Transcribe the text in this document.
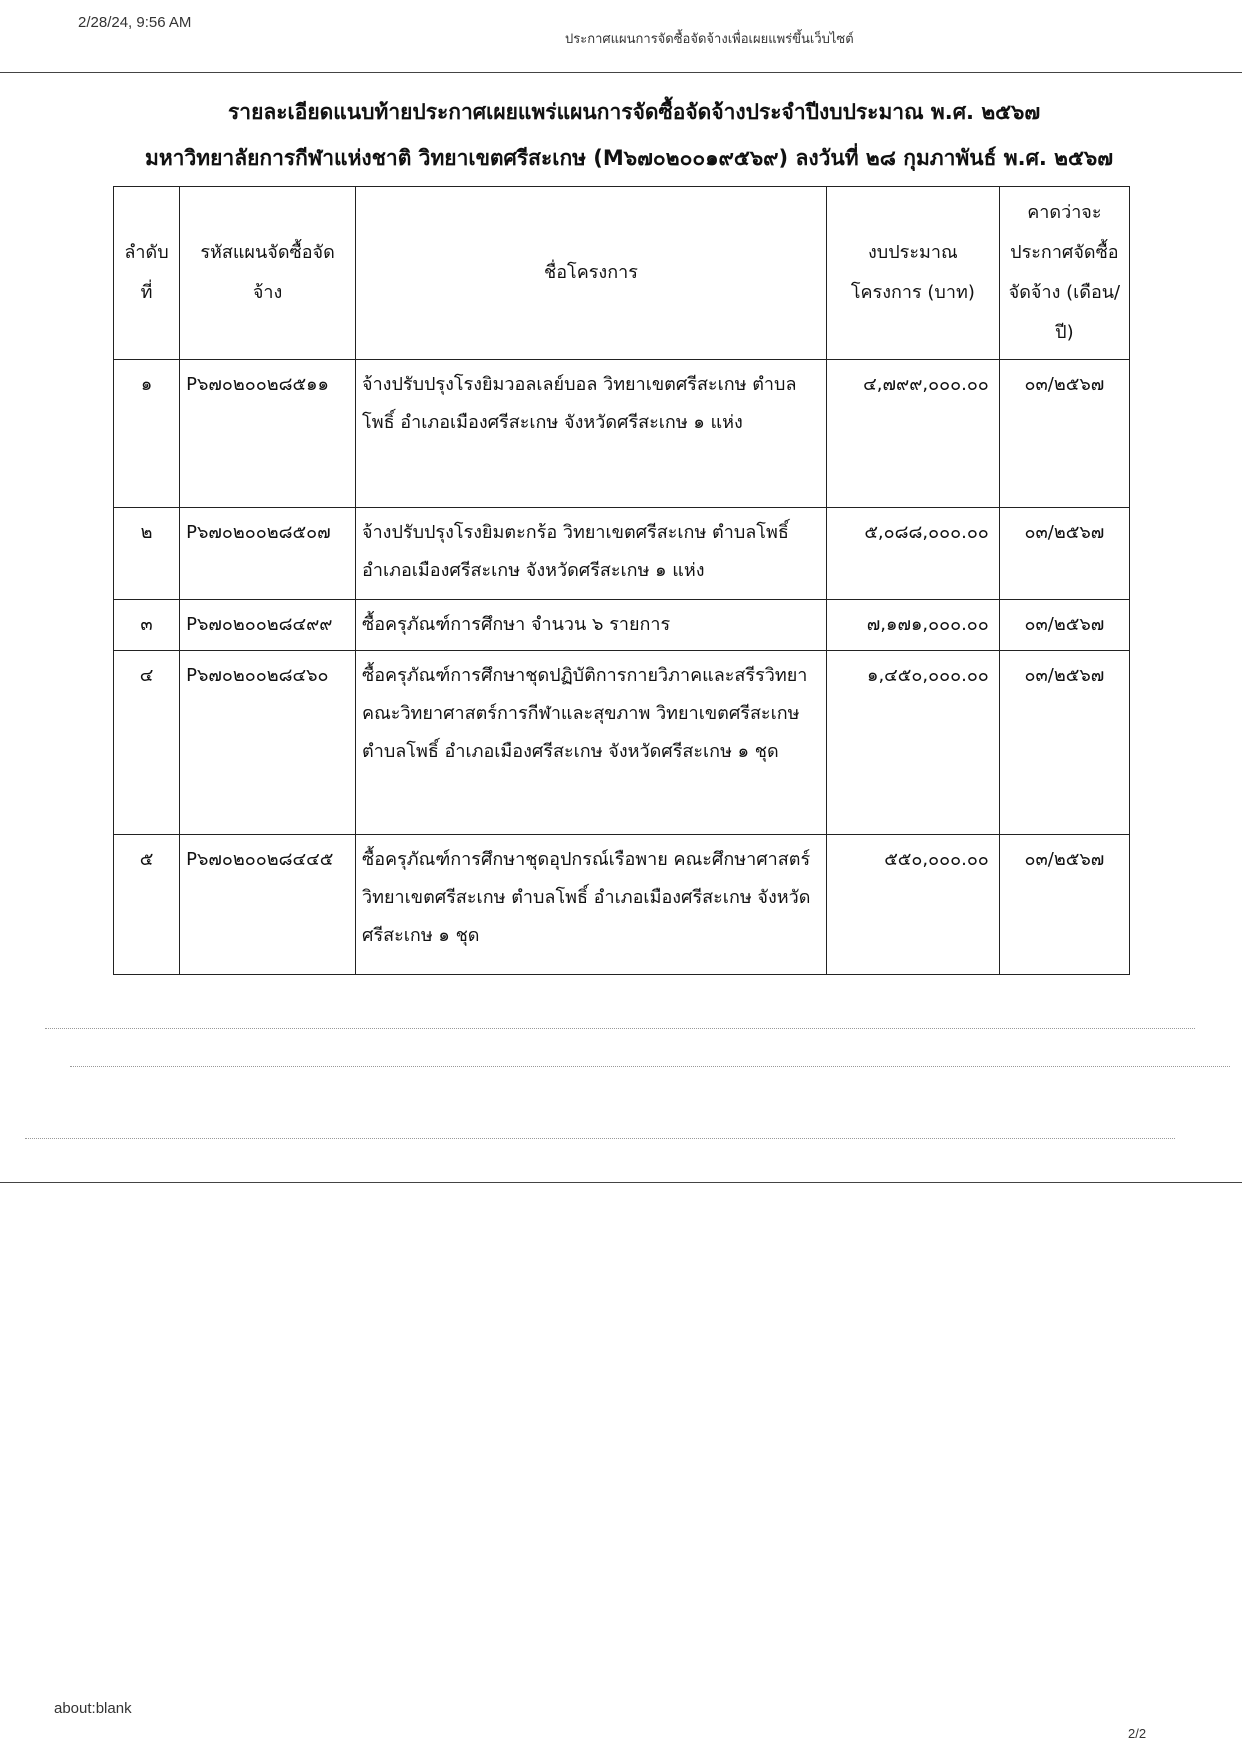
2/28/24, 9:56 AM
ประกาศแผนการจัดซื้อจัดจ้างเพื่อเผยแพร่ขึ้นเว็บไซต์
รายละเอียดแนบท้ายประกาศเผยแพร่แผนการจัดซื้อจัดจ้างประจำปีงบประมาณ พ.ศ. ๒๕๖๗
มหาวิทยาลัยการกีฬาแห่งชาติ วิทยาเขตศรีสะเกษ (M๖๗๐๒๐๐๑๙๕๖๙) ลงวันที่ ๒๘ กุมภาพันธ์ พ.ศ. ๒๕๖๗
ลำดับที่	รหัสแผนจัดซื้อจัดจ้าง	ชื่อโครงการ	งบประมาณโครงการ (บาท)	คาดว่าจะประกาศจัดซื้อจัดจ้าง (เดือน/ปี)
๑	P๖๗๐๒๐๐๒๘๕๑๑	จ้างปรับปรุงโรงยิมวอลเลย์บอล วิทยาเขตศรีสะเกษ ตำบลโพธิ์ อำเภอเมืองศรีสะเกษ จังหวัดศรีสะเกษ ๑ แห่ง	๔,๗๙๙,๐๐๐.๐๐	๐๓/๒๕๖๗
๒	P๖๗๐๒๐๐๒๘๕๐๗	จ้างปรับปรุงโรงยิมตะกร้อ วิทยาเขตศรีสะเกษ ตำบลโพธิ์ อำเภอเมืองศรีสะเกษ จังหวัดศรีสะเกษ ๑ แห่ง	๕,๐๘๘,๐๐๐.๐๐	๐๓/๒๕๖๗
๓	P๖๗๐๒๐๐๒๘๔๙๙	ซื้อครุภัณฑ์การศึกษา จำนวน ๖ รายการ	๗,๑๗๑,๐๐๐.๐๐	๐๓/๒๕๖๗
๔	P๖๗๐๒๐๐๒๘๔๖๐	ซื้อครุภัณฑ์การศึกษาชุดปฏิบัติการกายวิภาคและสรีรวิทยา คณะวิทยาศาสตร์การกีฬาและสุขภาพ วิทยาเขตศรีสะเกษ ตำบลโพธิ์ อำเภอเมืองศรีสะเกษ จังหวัดศรีสะเกษ ๑ ชุด	๑,๔๕๐,๐๐๐.๐๐	๐๓/๒๕๖๗
๕	P๖๗๐๒๐๐๒๘๔๔๕	ซื้อครุภัณฑ์การศึกษาชุดอุปกรณ์เรือพาย คณะศึกษาศาสตร์ วิทยาเขตศรีสะเกษ ตำบลโพธิ์ อำเภอเมืองศรีสะเกษ จังหวัดศรีสะเกษ ๑ ชุด	๕๕๐,๐๐๐.๐๐	๐๓/๒๕๖๗
about:blank
2/2
